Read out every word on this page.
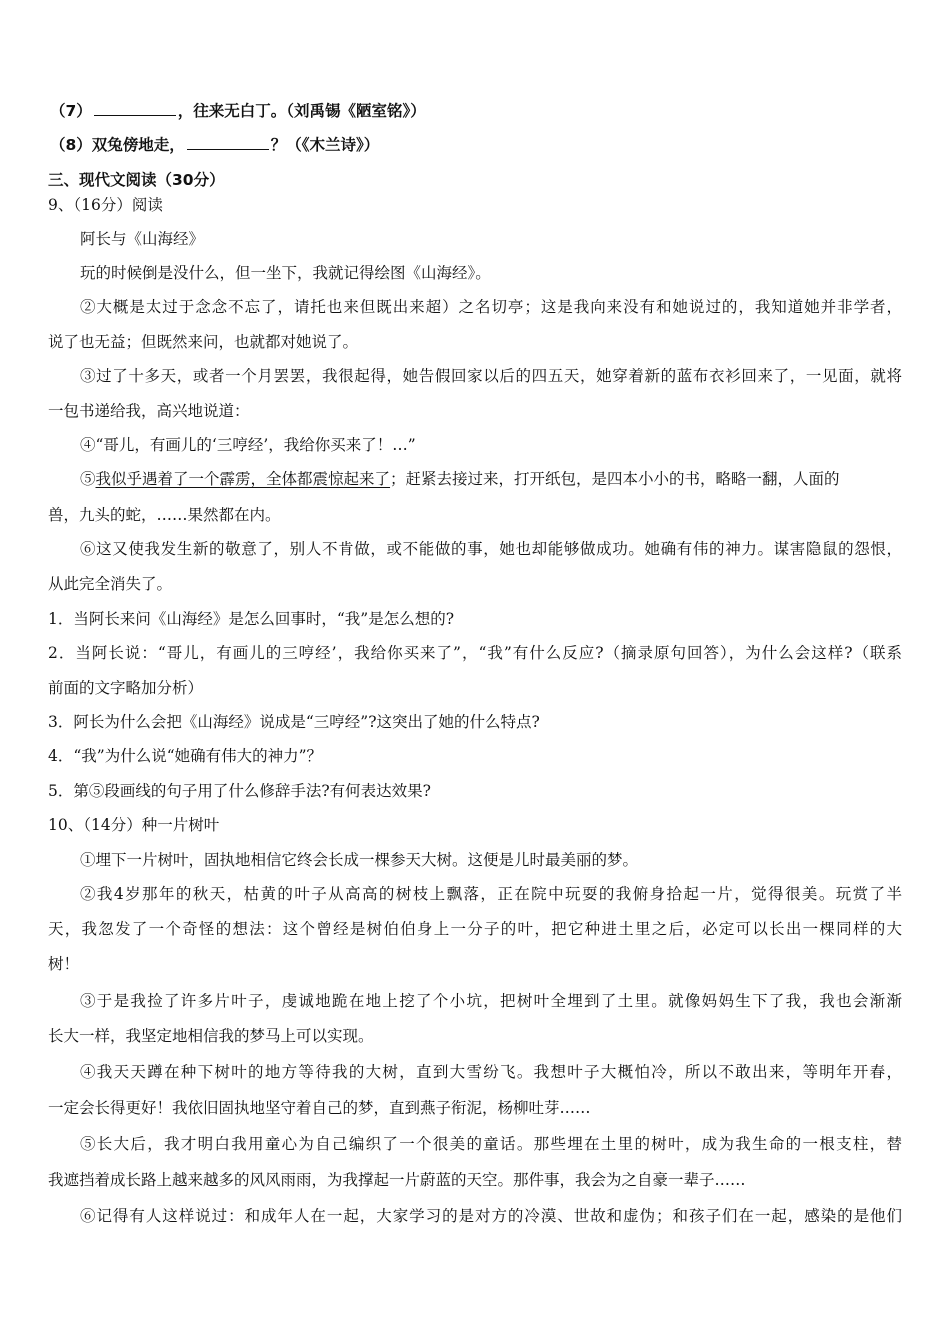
（7）	，往来无白丁。（刘禹锡《陋室铭》）
（8）双兔傍地走，	？（《木兰诗》）
三、现代文阅读（30分）
9、（16分）阅读
阿长与《山海经》
玩的时候倒是没什么，但一坐下，我就记得绘图《山海经》。
②大概是太过于念念不忘了，请托也来但既出来超）之名切亭；这是我向来没有和她说过的，我知道她并非学者，
说了也无益；但既然来问，也就都对她说了。
③过了十多天，或者一个月罢罢，我很起得，她告假回家以后的四五天，她穿着新的蓝布衣衫回来了，一见面，就将
一包书递给我，高兴地说道：
④“哥儿，有画儿的‘三哼经’，我给你买来了！…”
⑤我似乎遇着了一个霹雳，全体都震惊起来了；赶紧去接过来，打开纸包，是四本小小的书，略略一翻，人面的
兽，九头的蛇，……果然都在内。
⑥这又使我发生新的敬意了，别人不肯做，或不能做的事，她也却能够做成功。她确有伟的神力。谋害隐鼠的怨恨，
从此完全消失了。
1．当阿长来问《山海经》是怎么回事时，“我”是怎么想的?
2．当阿长说：“哥儿，有画儿的三哼经’，我给你买来了”，“我”有什么反应?（摘录原句回答），为什么会这样?（联系
前面的文字略加分析）
3．阿长为什么会把《山海经》说成是“三哼经”?这突出了她的什么特点?
4．“我”为什么说“她确有伟大的神力”？
5．第⑤段画线的句子用了什么修辞手法?有何表达效果?
10、（14分）种一片树叶
①埋下一片树叶，固执地相信它终会长成一棵参天大树。这便是儿时最美丽的梦。
②我4岁那年的秋天，枯黄的叶子从高高的树枝上飘落，正在院中玩耍的我俯身拾起一片，觉得很美。玩赏了半
天，我忽发了一个奇怪的想法：这个曾经是树伯伯身上一分子的叶，把它种进土里之后，必定可以长出一棵同样的大
树！
③于是我捡了许多片叶子，虔诚地跪在地上挖了个小坑，把树叶全埋到了土里。就像妈妈生下了我，我也会渐渐
长大一样，我坚定地相信我的梦马上可以实现。
④我天天蹲在种下树叶的地方等待我的大树，直到大雪纷飞。我想叶子大概怕冷，所以不敢出来，等明年开春，
一定会长得更好！我依旧固执地坚守着自己的梦，直到燕子衔泥，杨柳吐芽……
⑤长大后，我才明白我用童心为自己编织了一个很美的童话。那些埋在土里的树叶，成为我生命的一根支柱，替
我遮挡着成长路上越来越多的风风雨雨，为我撑起一片蔚蓝的天空。那件事，我会为之自豪一辈子……
⑥记得有人这样说过：和成年人在一起，大家学习的是对方的冷漠、世故和虚伪；和孩子们在一起，感染的是他们
